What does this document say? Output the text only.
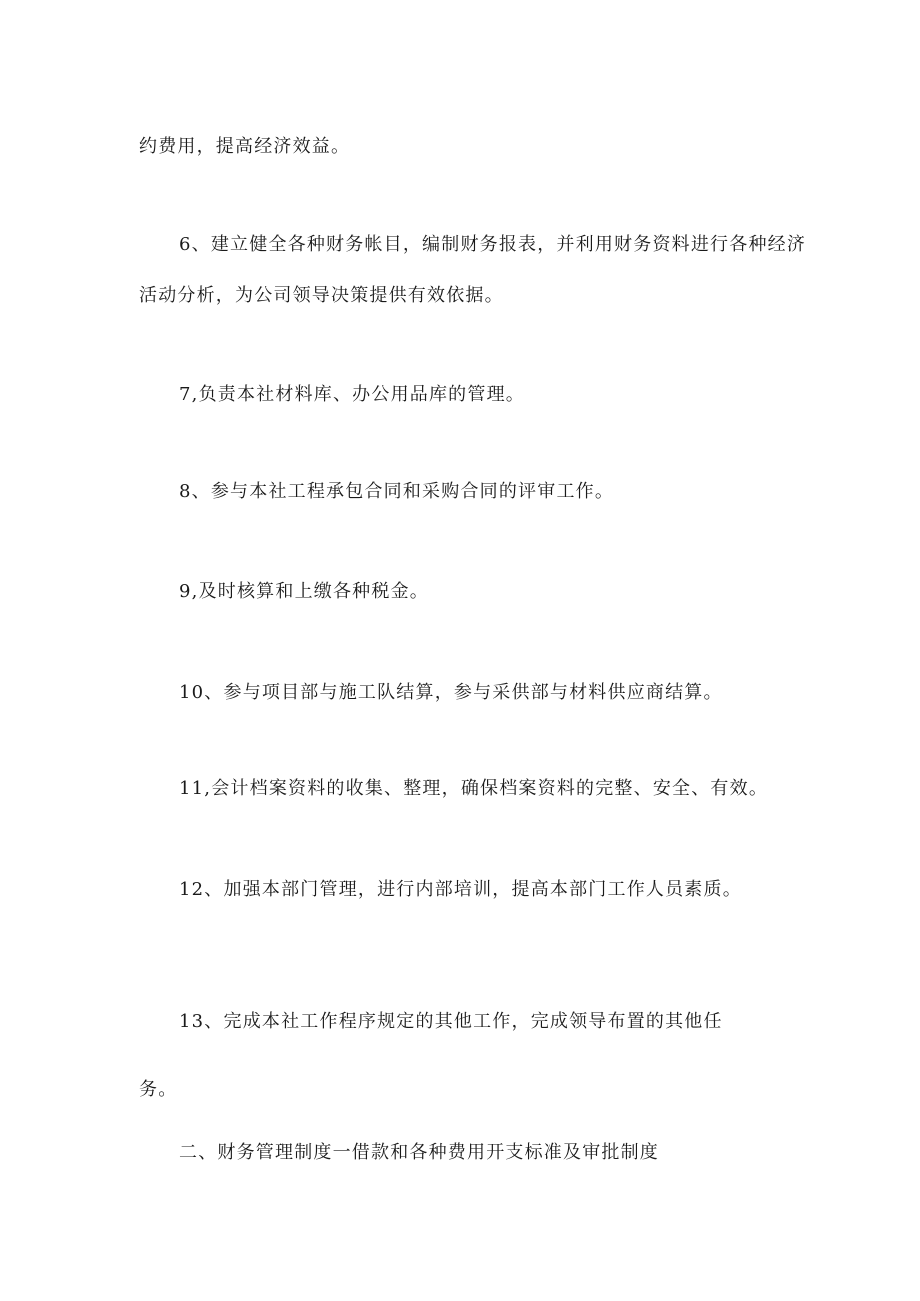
约费用，提高经济效益。
6、建立健全各种财务帐目，编制财务报表，并利用财务资料进行各种经济
活动分析，为公司领导决策提供有效依据。
7,负责本社材料库、办公用品库的管理。
8、参与本社工程承包合同和采购合同的评审工作。
9,及时核算和上缴各种税金。
10、参与项目部与施工队结算，参与采供部与材料供应商结算。
11,会计档案资料的收集、整理，确保档案资料的完整、安全、有效。
12、加强本部门管理，进行内部培训，提高本部门工作人员素质。
13、完成本社工作程序规定的其他工作，完成领导布置的其他任
务。
二、财务管理制度一借款和各种费用开支标准及审批制度
